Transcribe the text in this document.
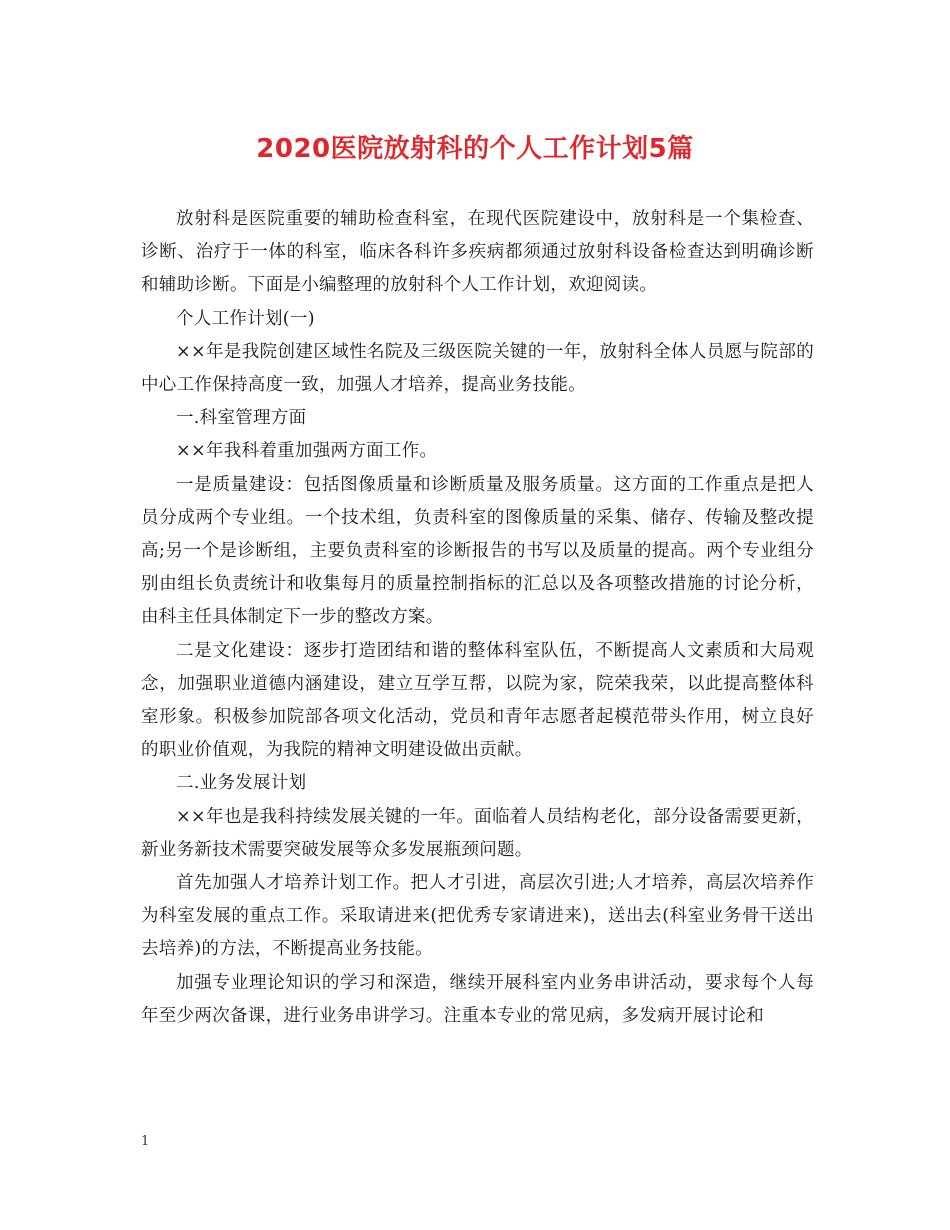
2020医院放射科的个人工作计划5篇

放射科是医院重要的辅助检查科室，在现代医院建设中，放射科是一个集检查、诊断、治疗于一体的科室，临床各科许多疾病都须通过放射科设备检查达到明确诊断和辅助诊断。下面是小编整理的放射科个人工作计划，欢迎阅读。

个人工作计划(一)

××年是我院创建区域性名院及三级医院关键的一年，放射科全体人员愿与院部的中心工作保持高度一致，加强人才培养，提高业务技能。

一.科室管理方面

××年我科着重加强两方面工作。

一是质量建设：包括图像质量和诊断质量及服务质量。这方面的工作重点是把人员分成两个专业组。一个技术组，负责科室的图像质量的采集、储存、传输及整改提高;另一个是诊断组，主要负责科室的诊断报告的书写以及质量的提高。两个专业组分别由组长负责统计和收集每月的质量控制指标的汇总以及各项整改措施的讨论分析，由科主任具体制定下一步的整改方案。

二是文化建设：逐步打造团结和谐的整体科室队伍，不断提高人文素质和大局观念，加强职业道德内涵建设，建立互学互帮，以院为家，院荣我荣，以此提高整体科室形象。积极参加院部各项文化活动，党员和青年志愿者起模范带头作用，树立良好的职业价值观，为我院的精神文明建设做出贡献。

二.业务发展计划

××年也是我科持续发展关键的一年。面临着人员结构老化，部分设备需要更新，新业务新技术需要突破发展等众多发展瓶颈问题。

首先加强人才培养计划工作。把人才引进，高层次引进;人才培养，高层次培养作为科室发展的重点工作。采取请进来(把优秀专家请进来)，送出去(科室业务骨干送出去培养)的方法，不断提高业务技能。

加强专业理论知识的学习和深造，继续开展科室内业务串讲活动，要求每个人每年至少两次备课，进行业务串讲学习。注重本专业的常见病，多发病开展讨论和

1
